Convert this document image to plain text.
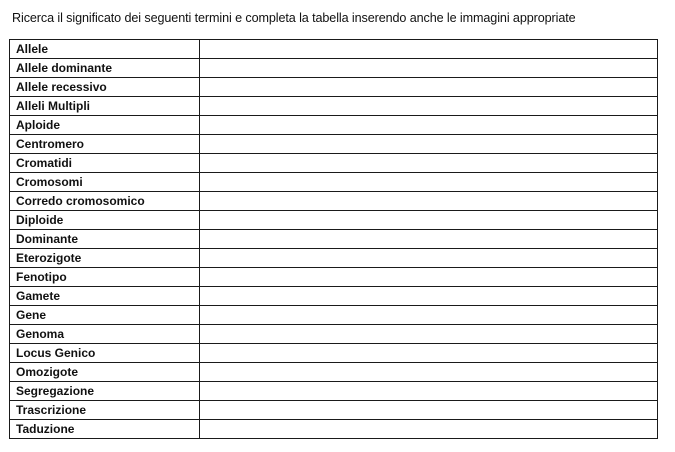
Ricerca il significato dei seguenti termini e completa la tabella inserendo anche le immagini appropriate
Allele	
Allele dominante	
Allele recessivo	
Alleli Multipli	
Aploide	
Centromero	
Cromatidi	
Cromosomi	
Corredo cromosomico	
Diploide	
Dominante	
Eterozigote	
Fenotipo	
Gamete	
Gene	
Genoma	
Locus Genico	
Omozigote	
Segregazione	
Trascrizione	
Taduzione	
